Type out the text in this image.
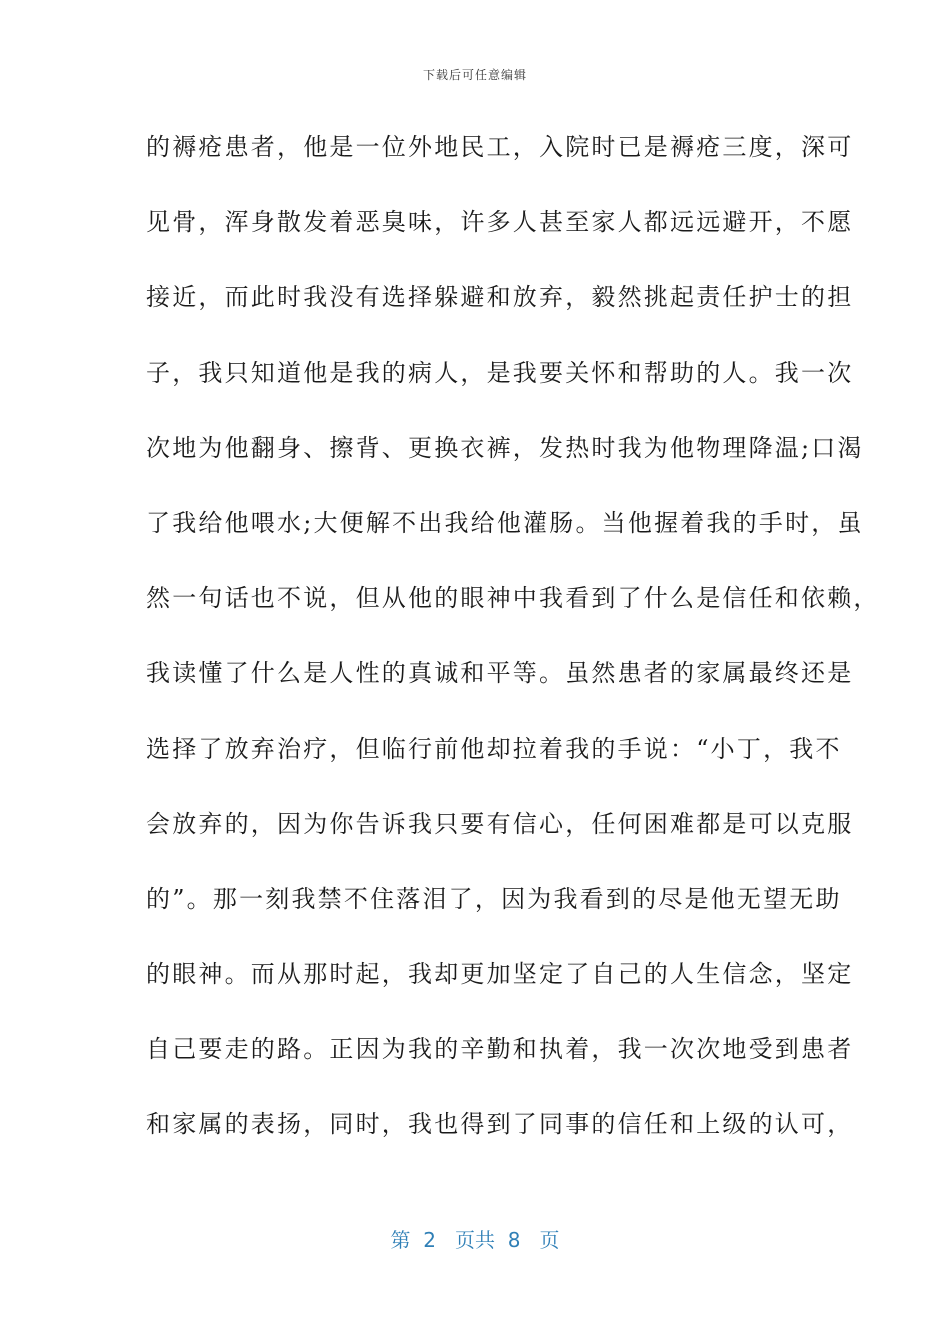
下载后可任意编辑
的褥疮患者，他是一位外地民工，入院时已是褥疮三度，深可
见骨，浑身散发着恶臭味，许多人甚至家人都远远避开，不愿
接近，而此时我没有选择躲避和放弃，毅然挑起责任护士的担
子，我只知道他是我的病人，是我要关怀和帮助的人。我一次
次地为他翻身、擦背、更换衣裤，发热时我为他物理降温;口渴
了我给他喂水;大便解不出我给他灌肠。当他握着我的手时，虽
然一句话也不说，但从他的眼神中我看到了什么是信任和依赖，
我读懂了什么是人性的真诚和平等。虽然患者的家属最终还是
选择了放弃治疗，但临行前他却拉着我的手说：“小丁，我不
会放弃的，因为你告诉我只要有信心，任何困难都是可以克服
的”。那一刻我禁不住落泪了，因为我看到的尽是他无望无助
的眼神。而从那时起，我却更加坚定了自己的人生信念，坚定
自己要走的路。正因为我的辛勤和执着，我一次次地受到患者
和家属的表扬，同时，我也得到了同事的信任和上级的认可，
第  2   页共  8   页
